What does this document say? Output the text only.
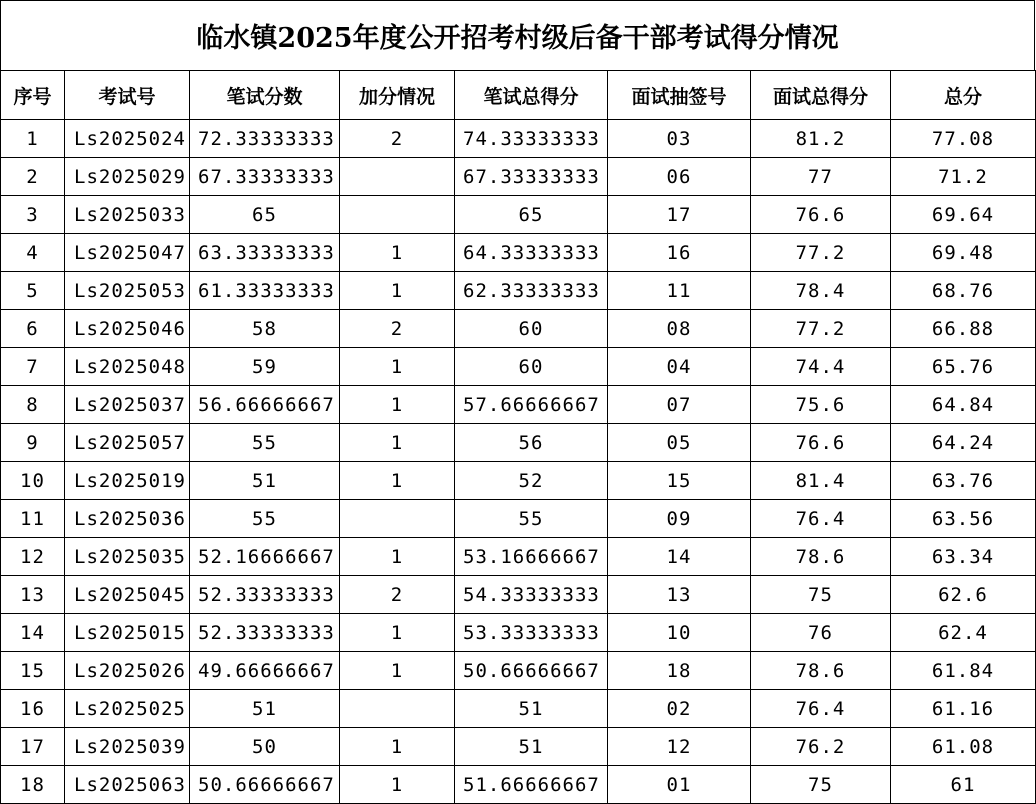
临水镇2025年度公开招考村级后备干部考试得分情况
序号	考试号	笔试分数	加分情况	笔试总得分	面试抽签号	面试总得分	总分
1	Ls2025024	72.33333333	2	74.33333333	03	81.2	77.08
2	Ls2025029	67.33333333		67.33333333	06	77	71.2
3	Ls2025033	65		65	17	76.6	69.64
4	Ls2025047	63.33333333	1	64.33333333	16	77.2	69.48
5	Ls2025053	61.33333333	1	62.33333333	11	78.4	68.76
6	Ls2025046	58	2	60	08	77.2	66.88
7	Ls2025048	59	1	60	04	74.4	65.76
8	Ls2025037	56.66666667	1	57.66666667	07	75.6	64.84
9	Ls2025057	55	1	56	05	76.6	64.24
10	Ls2025019	51	1	52	15	81.4	63.76
11	Ls2025036	55		55	09	76.4	63.56
12	Ls2025035	52.16666667	1	53.16666667	14	78.6	63.34
13	Ls2025045	52.33333333	2	54.33333333	13	75	62.6
14	Ls2025015	52.33333333	1	53.33333333	10	76	62.4
15	Ls2025026	49.66666667	1	50.66666667	18	78.6	61.84
16	Ls2025025	51		51	02	76.4	61.16
17	Ls2025039	50	1	51	12	76.2	61.08
18	Ls2025063	50.66666667	1	51.66666667	01	75	61
